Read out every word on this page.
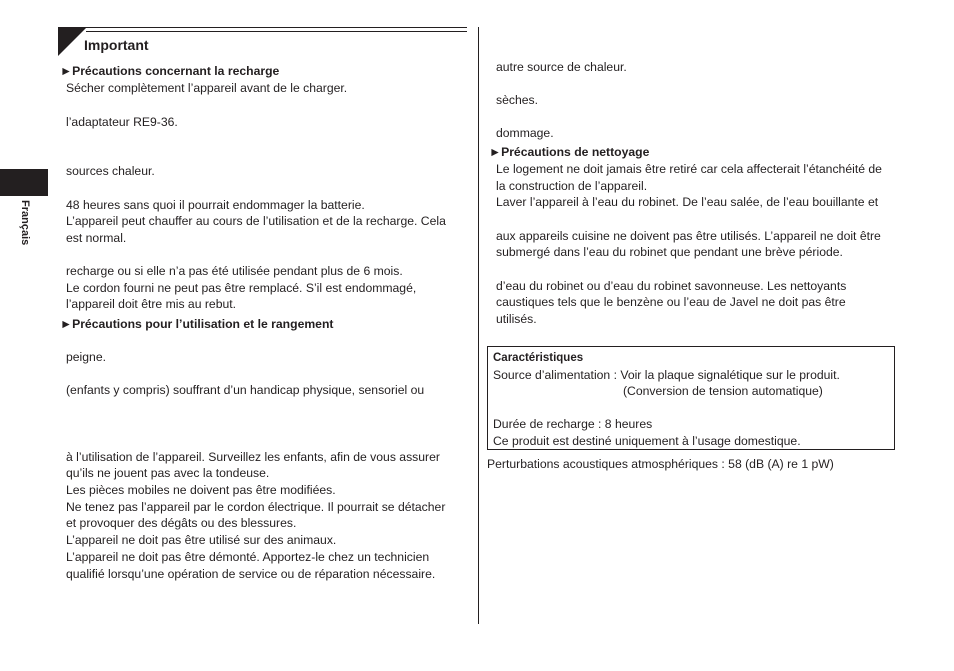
Important
Français
►Précautions concernant la recharge
Sécher complètement l’appareil avant de le charger.
l’adaptateur RE9-36.
sources chaleur.
48 heures sans quoi il pourrait endommager la batterie.
L’appareil peut chauffer au cours de l’utilisation et de la recharge. Cela
est normal.
recharge ou si elle n’a pas été utilisée pendant plus de 6 mois.
Le cordon fourni ne peut pas être remplacé. S’il est endommagé,
l’appareil doit être mis au rebut.
►Précautions pour l’utilisation et le rangement
peigne.
(enfants y compris) souffrant d’un handicap physique, sensoriel ou
à l’utilisation de l’appareil. Surveillez les enfants, afin de vous assurer
qu’ils ne jouent pas avec la tondeuse.
Les pièces mobiles ne doivent pas être modifiées.
Ne tenez pas l’appareil par le cordon électrique. Il pourrait se détacher
et provoquer des dégâts ou des blessures.
L’appareil ne doit pas être utilisé sur des animaux.
L’appareil ne doit pas être démonté. Apportez-le chez un technicien
qualifié lorsqu’une opération de service ou de réparation nécessaire.
autre source de chaleur.
sèches.
dommage.
►Précautions de nettoyage
Le logement ne doit jamais être retiré car cela affecterait l’étanchéité de
la construction de l’appareil.
Laver l’appareil à l’eau du robinet. De l’eau salée, de l’eau bouillante et
aux appareils cuisine ne doivent pas être utilisés. L’appareil ne doit être
submergé dans l’eau du robinet que pendant une brève période.
d’eau du robinet ou d’eau du robinet savonneuse. Les nettoyants
caustiques tels que le benzène ou l’eau de Javel ne doit pas être
utilisés.
Caractéristiques
Source d’alimentation : Voir la plaque signalétique sur le produit.
(Conversion de tension automatique)
Durée de recharge : 8 heures
Ce produit est destiné uniquement à l’usage domestique.
Perturbations acoustiques atmosphériques : 58 (dB (A) re 1 pW)
